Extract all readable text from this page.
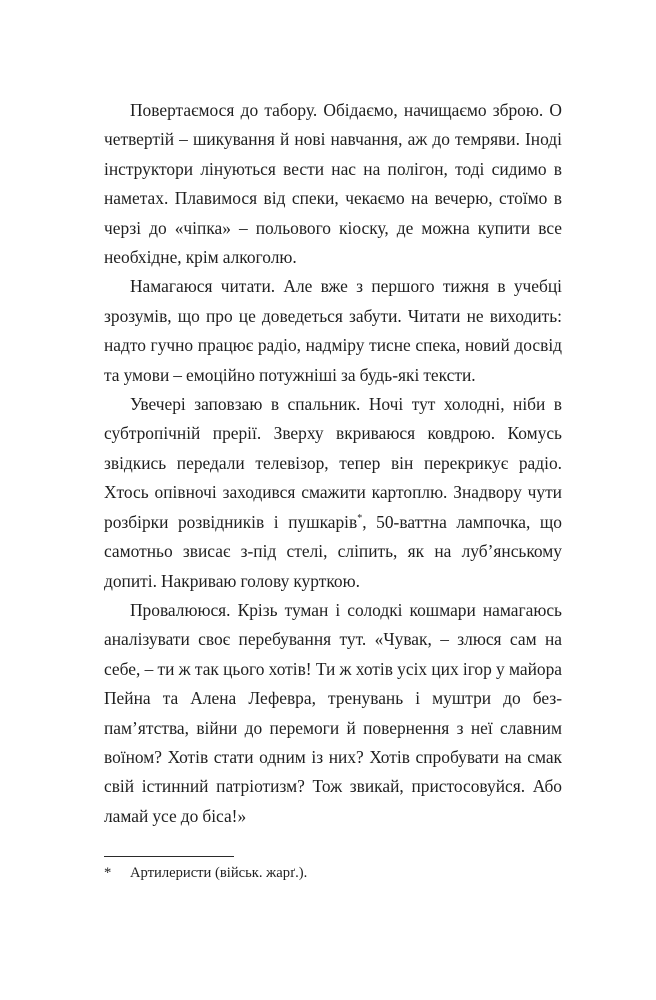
Повертаємося до табору. Обідаємо, начищаємо зброю. О четвертій – шикування й нові навчання, аж до темряви. Іноді інструктори лінуються вести нас на полігон, тоді сидимо в наметах. Плавимося від спеки, чекаємо на вечерю, стоїмо в черзі до «чіпка» – польового кіоску, де можна купити все необхідне, крім алкоголю.

Намагаюся читати. Але вже з першого тижня в учебці зрозумів, що про це доведеться забути. Читати не виходить: надто гучно працює радіо, надміру тисне спека, новий досвід та умови – емоційно потужніші за будь-які тексти.

Увечері заповзаю в спальник. Ночі тут холодні, ніби в субтропічній прерії. Зверху вкриваюся ковдрою. Комусь звідкись передали телевізор, тепер він перекрикує радіо. Хтось опівночі заходився смажити картоплю. Знадвору чути розбірки розвідників і пушкарів*, 50-ваттна лампочка, що самотньо звисає з-під стелі, сліпить, як на луб’янському допиті. Накриваю голову курткою.

Провалююся. Крізь туман і солодкі кошмари намагаюсь аналізувати своє перебування тут. «Чувак, – злюся сам на себе, – ти ж так цього хотів! Ти ж хотів усіх цих ігор у майора Пейна та Алена Лефевра, тренувань і муштри до безпам’ятства, війни до перемоги й повернення з неї славним воїном? Хотів стати одним із них? Хотів спробувати на смак свій істинний патріотизм? Тож звикай, пристосовуйся. Або ламай усе до біса!»

* Артилеристи (військ. жарґ.).
